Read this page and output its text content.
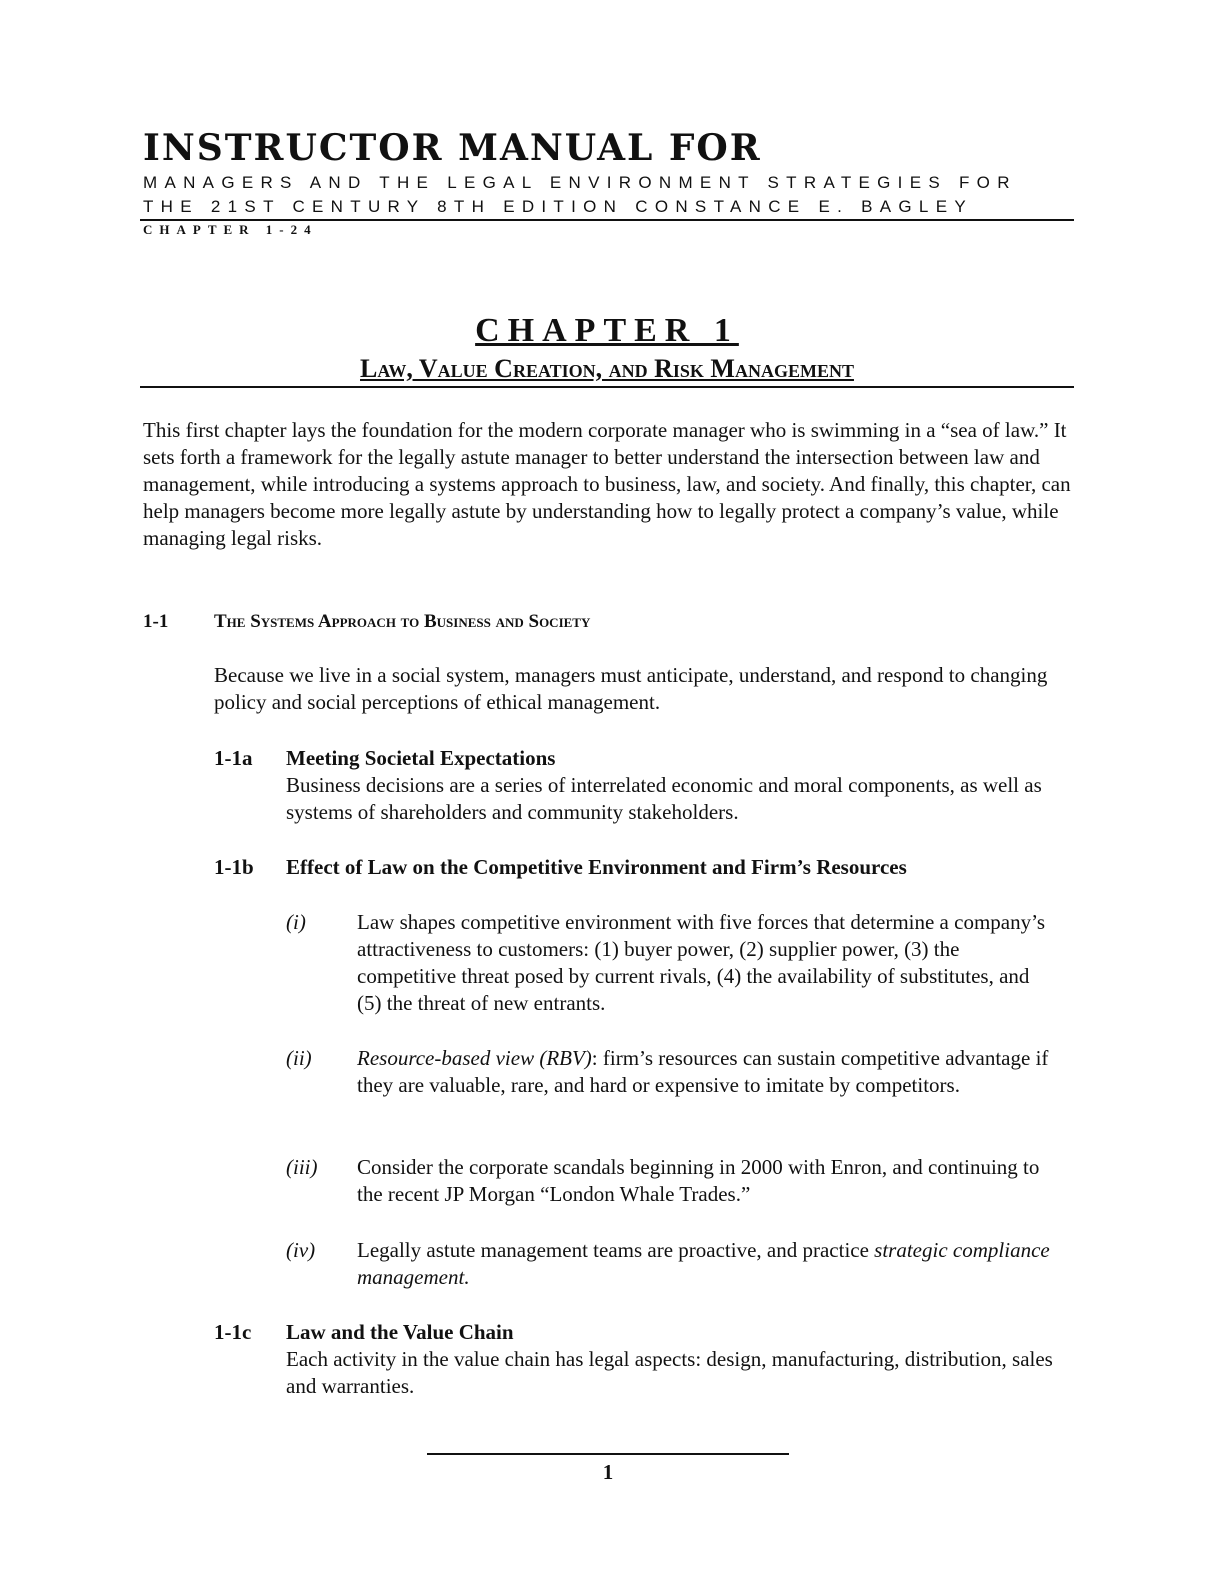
INSTRUCTOR MANUAL FOR
MANAGERS AND THE LEGAL ENVIRONMENT STRATEGIES FOR
THE 21ST CENTURY 8TH EDITION CONSTANCE E. BAGLEY
CHAPTER 1-24
CHAPTER 1
Law, Value Creation, and Risk Management
This first chapter lays the foundation for the modern corporate manager who is swimming in a “sea of law.” It sets forth a framework for the legally astute manager to better understand the intersection between law and management, while introducing a systems approach to business, law, and society. And finally, this chapter, can help managers become more legally astute by understanding how to legally protect a company’s value, while managing legal risks.
1-1 The Systems Approach to Business and Society
Because we live in a social system, managers must anticipate, understand, and respond to changing policy and social perceptions of ethical management.
1-1a Meeting Societal Expectations
Business decisions are a series of interrelated economic and moral components, as well as systems of shareholders and community stakeholders.
1-1b Effect of Law on the Competitive Environment and Firm’s Resources
(i) Law shapes competitive environment with five forces that determine a company’s attractiveness to customers: (1) buyer power, (2) supplier power, (3) the competitive threat posed by current rivals, (4) the availability of substitutes, and (5) the threat of new entrants.
(ii) Resource-based view (RBV): firm’s resources can sustain competitive advantage if they are valuable, rare, and hard or expensive to imitate by competitors.
(iii) Consider the corporate scandals beginning in 2000 with Enron, and continuing to the recent JP Morgan “London Whale Trades.”
(iv) Legally astute management teams are proactive, and practice strategic compliance management.
1-1c Law and the Value Chain
Each activity in the value chain has legal aspects: design, manufacturing, distribution, sales and warranties.
1
